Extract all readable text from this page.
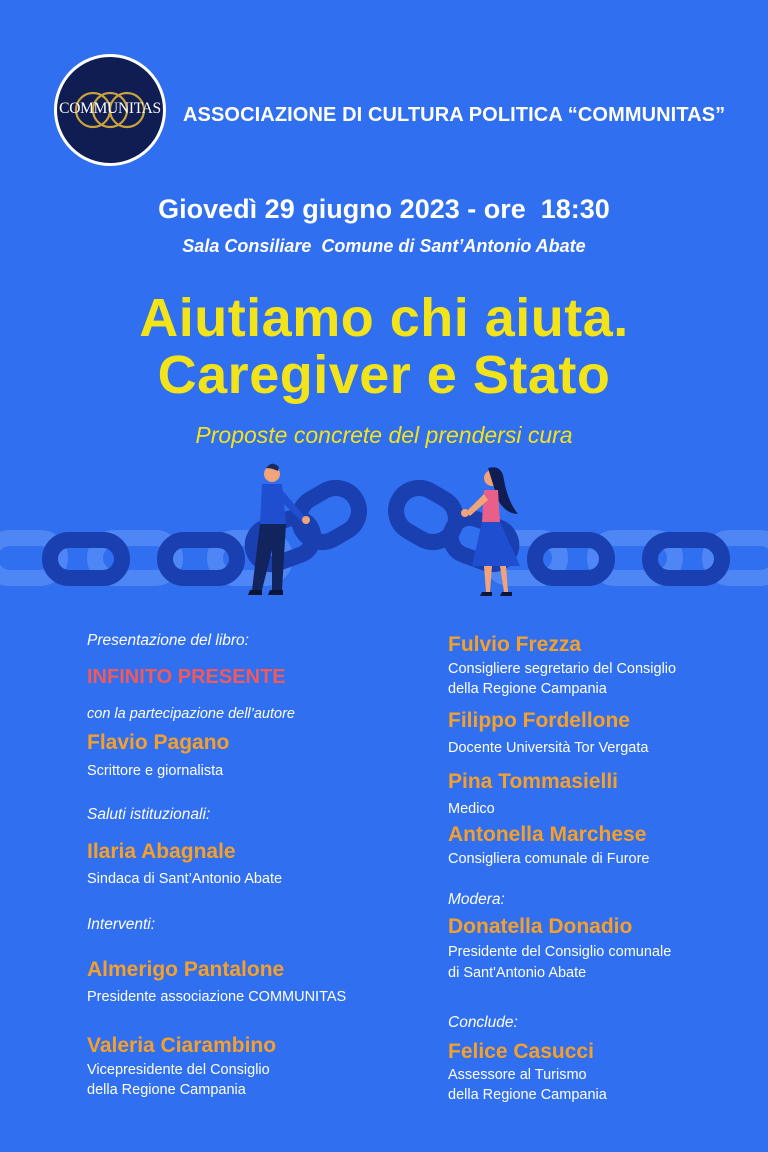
COMMUNITAS ASSOCIAZIONE DI CULTURA POLITICA “COMMUNITAS”
Giovedì 29 giugno 2023 - ore  18:30
Sala Consiliare  Comune di Sant’Antonio Abate
Aiutiamo chi aiuta.
Caregiver e Stato
Proposte concrete del prendersi cura
Presentazione del libro:
INFINITO PRESENTE
con la partecipazione dell’autore
Flavio Pagano
Scrittore e giornalista
Saluti istituzionali:
Ilaria Abagnale
Sindaca di Sant’Antonio Abate
Interventi:
Almerigo Pantalone
Presidente associazione COMMUNITAS
Valeria Ciarambino
Vicepresidente del Consiglio
della Regione Campania
Fulvio Frezza
Consigliere segretario del Consiglio
della Regione Campania
Filippo Fordellone
Docente Università Tor Vergata
Pina Tommasielli
Medico
Antonella Marchese
Consigliera comunale di Furore
Modera:
Donatella Donadio
Presidente del Consiglio comunale
di Sant'Antonio Abate
Conclude:
Felice Casucci
Assessore al Turismo
della Regione Campania
